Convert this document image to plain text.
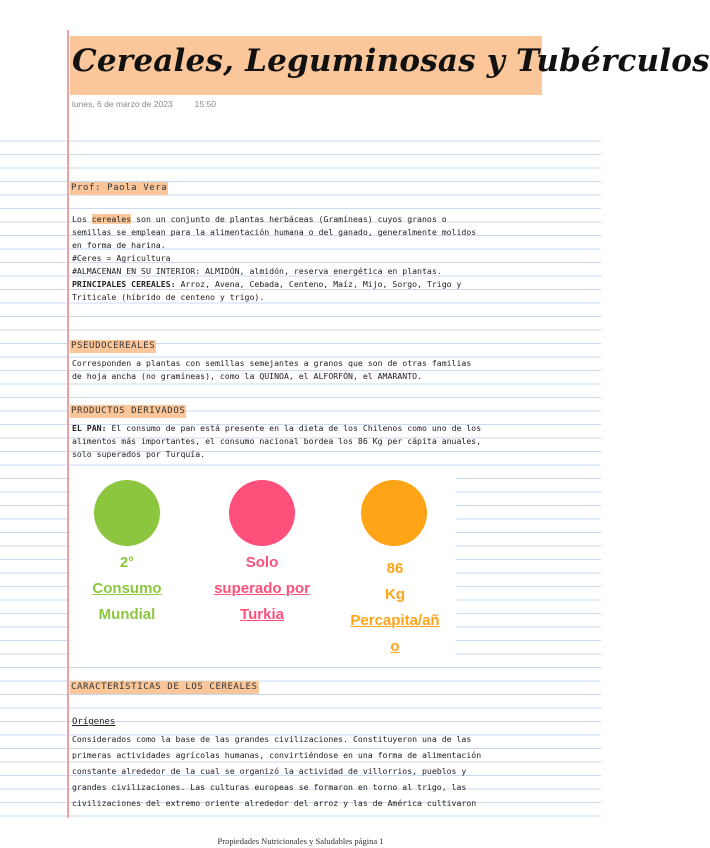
Cereales, Leguminosas y Tubérculos
lunes, 6 de marzo de 2023	15:50
Prof: Paola Vera
Los cereales son un conjunto de plantas herbáceas (Gramíneas) cuyos granos o
semillas se emplean para la alimentación humana o del ganado, generalmente molidos
en forma de harina.
#Ceres = Agricultura
#ALMACENAN EN SU INTERIOR: ALMIDÓN, almidón, reserva energética en plantas.
PRINCIPALES CEREALES: Arroz, Avena, Cebada, Centeno, Maíz, Mijo, Sorgo, Trigo y
Triticale (híbrido de centeno y trigo).
PSEUDOCEREALES
Corresponden a plantas con semillas semejantes a granos que son de otras familias
de hoja ancha (no gramíneas), como la QUINOA, el ALFORFÓN, el AMARANTO.
PRODUCTOS DERIVADOS
EL PAN: El consumo de pan está presente en la dieta de los Chilenos como uno de los
alimentos más importantes, el consumo nacional bordea los 86 Kg per cápita anuales,
solo superados por Turquía.
2°
Consumo
Mundial
Solo
superado por
Turkia
86
Kg
Percapita/añ
o
CARACTERÍSTICAS DE LOS CEREALES
Orígenes
Considerados como la base de las grandes civilizaciones. Constituyeron una de las
primeras actividades agrícolas humanas, convirtiéndose en una forma de alimentación
constante alrededor de la cual se organizó la actividad de villorrios, pueblos y
grandes civilizaciones. Las culturas europeas se formaron en torno al trigo, las
civilizaciones del extremo oriente alrededor del arroz y las de América cultivaron
Propiedades Nutricionales y Saludables página 1
